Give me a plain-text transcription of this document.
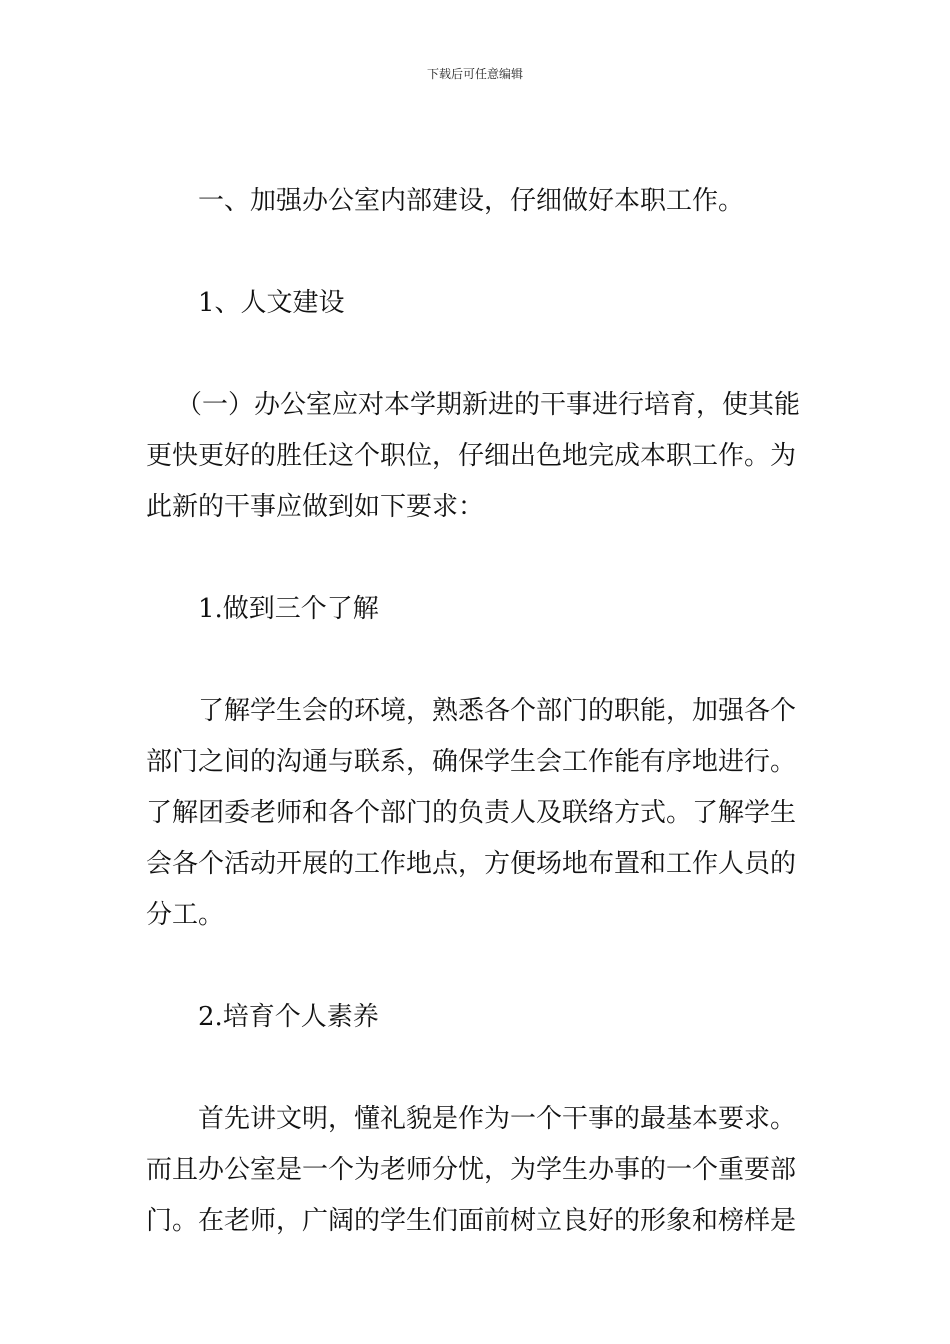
下载后可任意编辑

一、加强办公室内部建设，仔细做好本职工作。

1、人文建设

（一）办公室应对本学期新进的干事进行培育，使其能更快更好的胜任这个职位，仔细出色地完成本职工作。为此新的干事应做到如下要求：

1.做到三个了解

了解学生会的环境，熟悉各个部门的职能，加强各个部门之间的沟通与联系，确保学生会工作能有序地进行。了解团委老师和各个部门的负责人及联络方式。了解学生会各个活动开展的工作地点，方便场地布置和工作人员的分工。

2.培育个人素养

首先讲文明，懂礼貌是作为一个干事的最基本要求。而且办公室是一个为老师分忧，为学生办事的一个重要部门。在老师，广阔的学生们面前树立良好的形象和榜样是
